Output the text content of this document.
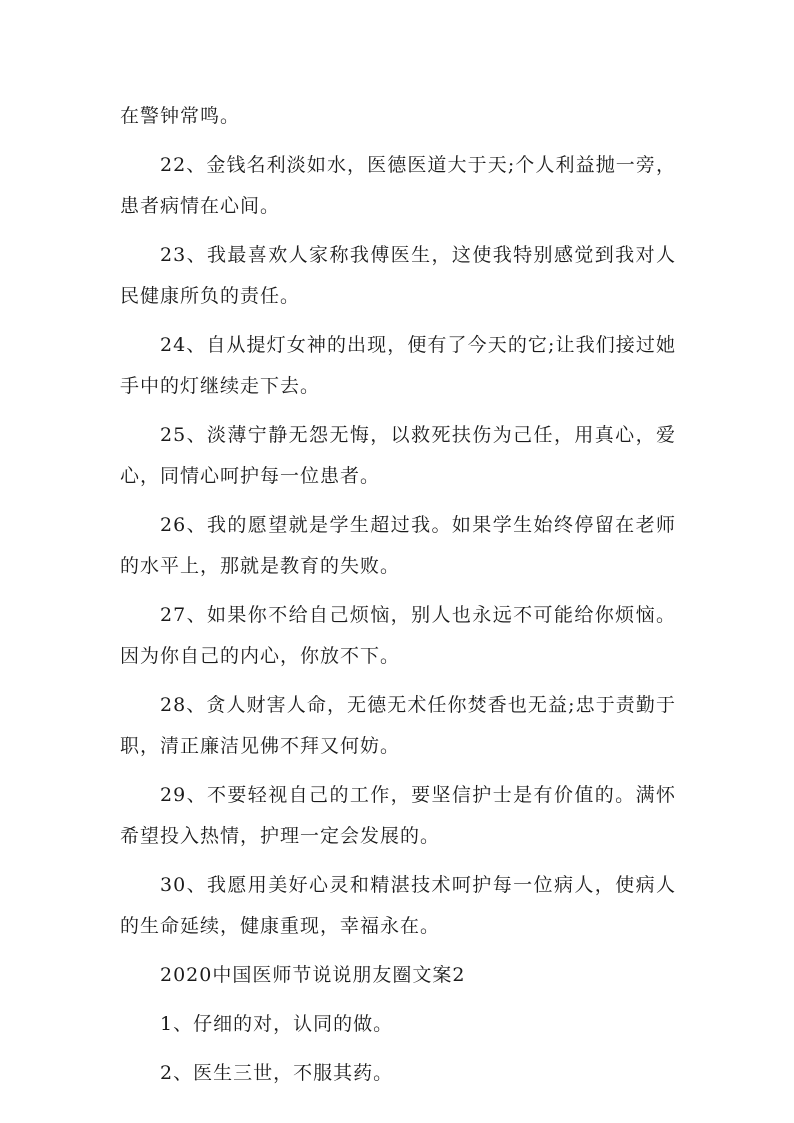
在警钟常鸣。

22、金钱名利淡如水，医德医道大于天;个人利益抛一旁，患者病情在心间。

23、我最喜欢人家称我傅医生，这使我特别感觉到我对人民健康所负的责任。

24、自从提灯女神的出现，便有了今天的它;让我们接过她手中的灯继续走下去。

25、淡薄宁静无怨无悔，以救死扶伤为己任，用真心，爱心，同情心呵护每一位患者。

26、我的愿望就是学生超过我。如果学生始终停留在老师的水平上，那就是教育的失败。

27、如果你不给自己烦恼，别人也永远不可能给你烦恼。因为你自己的内心，你放不下。

28、贪人财害人命，无德无术任你焚香也无益;忠于责勤于职，清正廉洁见佛不拜又何妨。

29、不要轻视自己的工作，要坚信护士是有价值的。满怀希望投入热情，护理一定会发展的。

30、我愿用美好心灵和精湛技术呵护每一位病人，使病人的生命延续，健康重现，幸福永在。

2020中国医师节说说朋友圈文案2

1、仔细的对，认同的做。

2、医生三世，不服其药。
